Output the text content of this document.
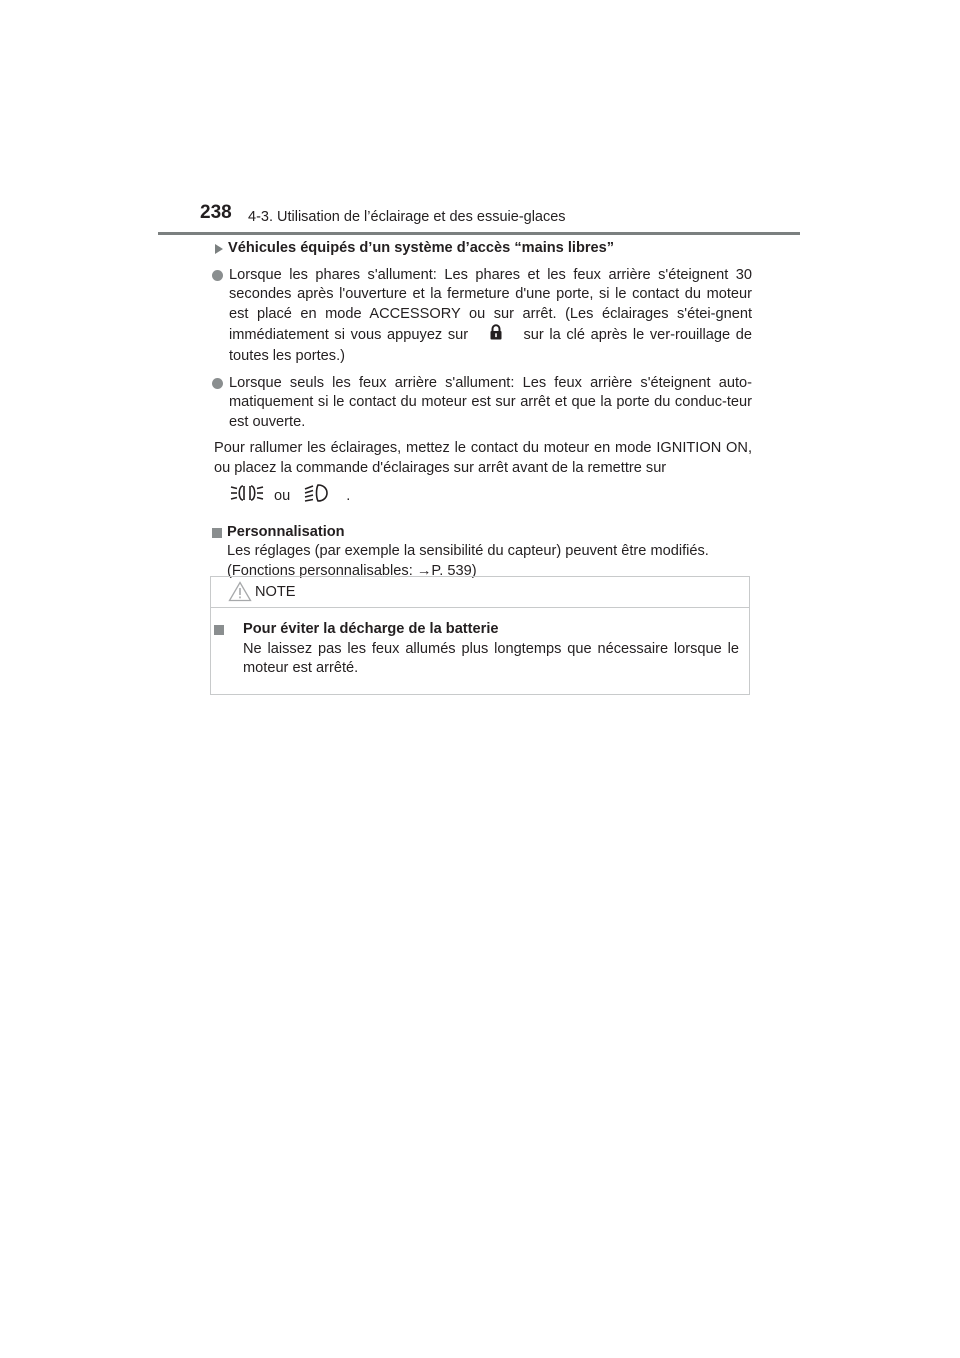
238 4-3. Utilisation de l’éclairage et des essuie-glaces
Véhicules équipés d’un système d’accès “mains libres”
Lorsque les phares s'allument: Les phares et les feux arrière s'éteignent 30 secondes après l'ouverture et la fermeture d'une porte, si le contact du moteur est placé en mode ACCESSORY ou sur arrêt. (Les éclairages s'étei-gnent immédiatement si vous appuyez sur	sur la clé après le ver-rouillage de toutes les portes.)
Lorsque seuls les feux arrière s'allument: Les feux arrière s'éteignent auto-matiquement si le contact du moteur est sur arrêt et que la porte du conduc-teur est ouverte.
Pour rallumer les éclairages, mettez le contact du moteur en mode IGNITION ON, ou placez la commande d'éclairages sur arrêt avant de la remettre sur
ou	.
Personnalisation
Les réglages (par exemple la sensibilité du capteur) peuvent être modifiés.
(Fonctions personnalisables: →P. 539)
NOTE
Pour éviter la décharge de la batterie
Ne laissez pas les feux allumés plus longtemps que nécessaire lorsque le moteur est arrêté.
